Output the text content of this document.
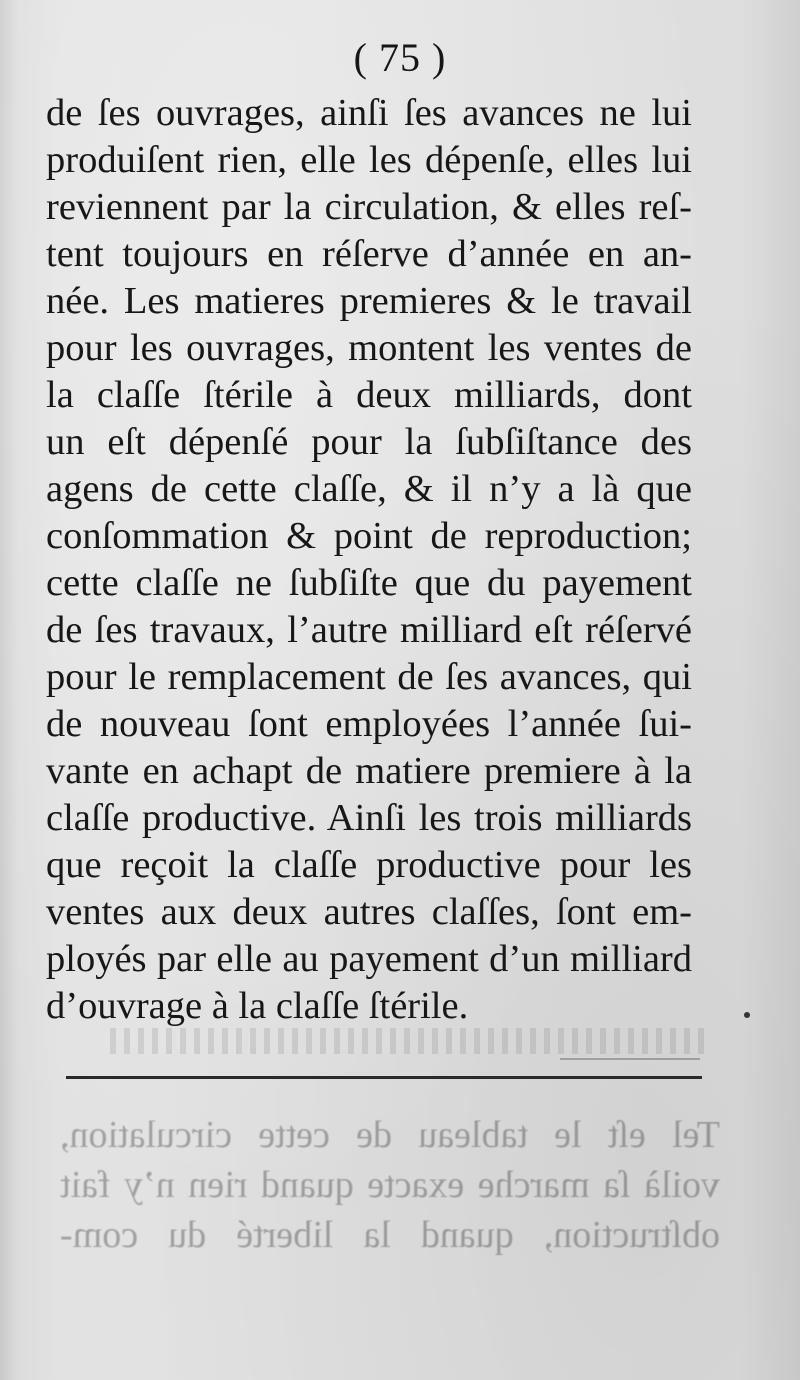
( 75 )
de ſes ouvrages, ainſi ſes avances ne lui
produiſent rien, elle les dépenſe, elles lui
reviennent par la circulation, & elles reſ-
tent toujours en réſerve d’année en an-
née. Les matieres premieres & le travail
pour les ouvrages, montent les ventes de
la claſſe ſtérile à deux milliards, dont
un eſt dépenſé pour la ſubſiſtance des
agens de cette claſſe, & il n’y a là que
conſommation & point de reproduction;
cette claſſe ne ſubſiſte que du payement
de ſes travaux, l’autre milliard eſt réſervé
pour le remplacement de ſes avances, qui
de nouveau ſont employées l’année ſui-
vante en achapt de matiere premiere à la
claſſe productive. Ainſi les trois milliards
que reçoit la claſſe productive pour les
ventes aux deux autres claſſes, ſont em-
ployés par elle au payement d’un milliard
d’ouvrage à la claſſe ſtérile.
Tel eſt le tableau de cette circulation,
voilà ſa marche exacte quand rien n’y fait
obſtruction, quand la liberté du com-
